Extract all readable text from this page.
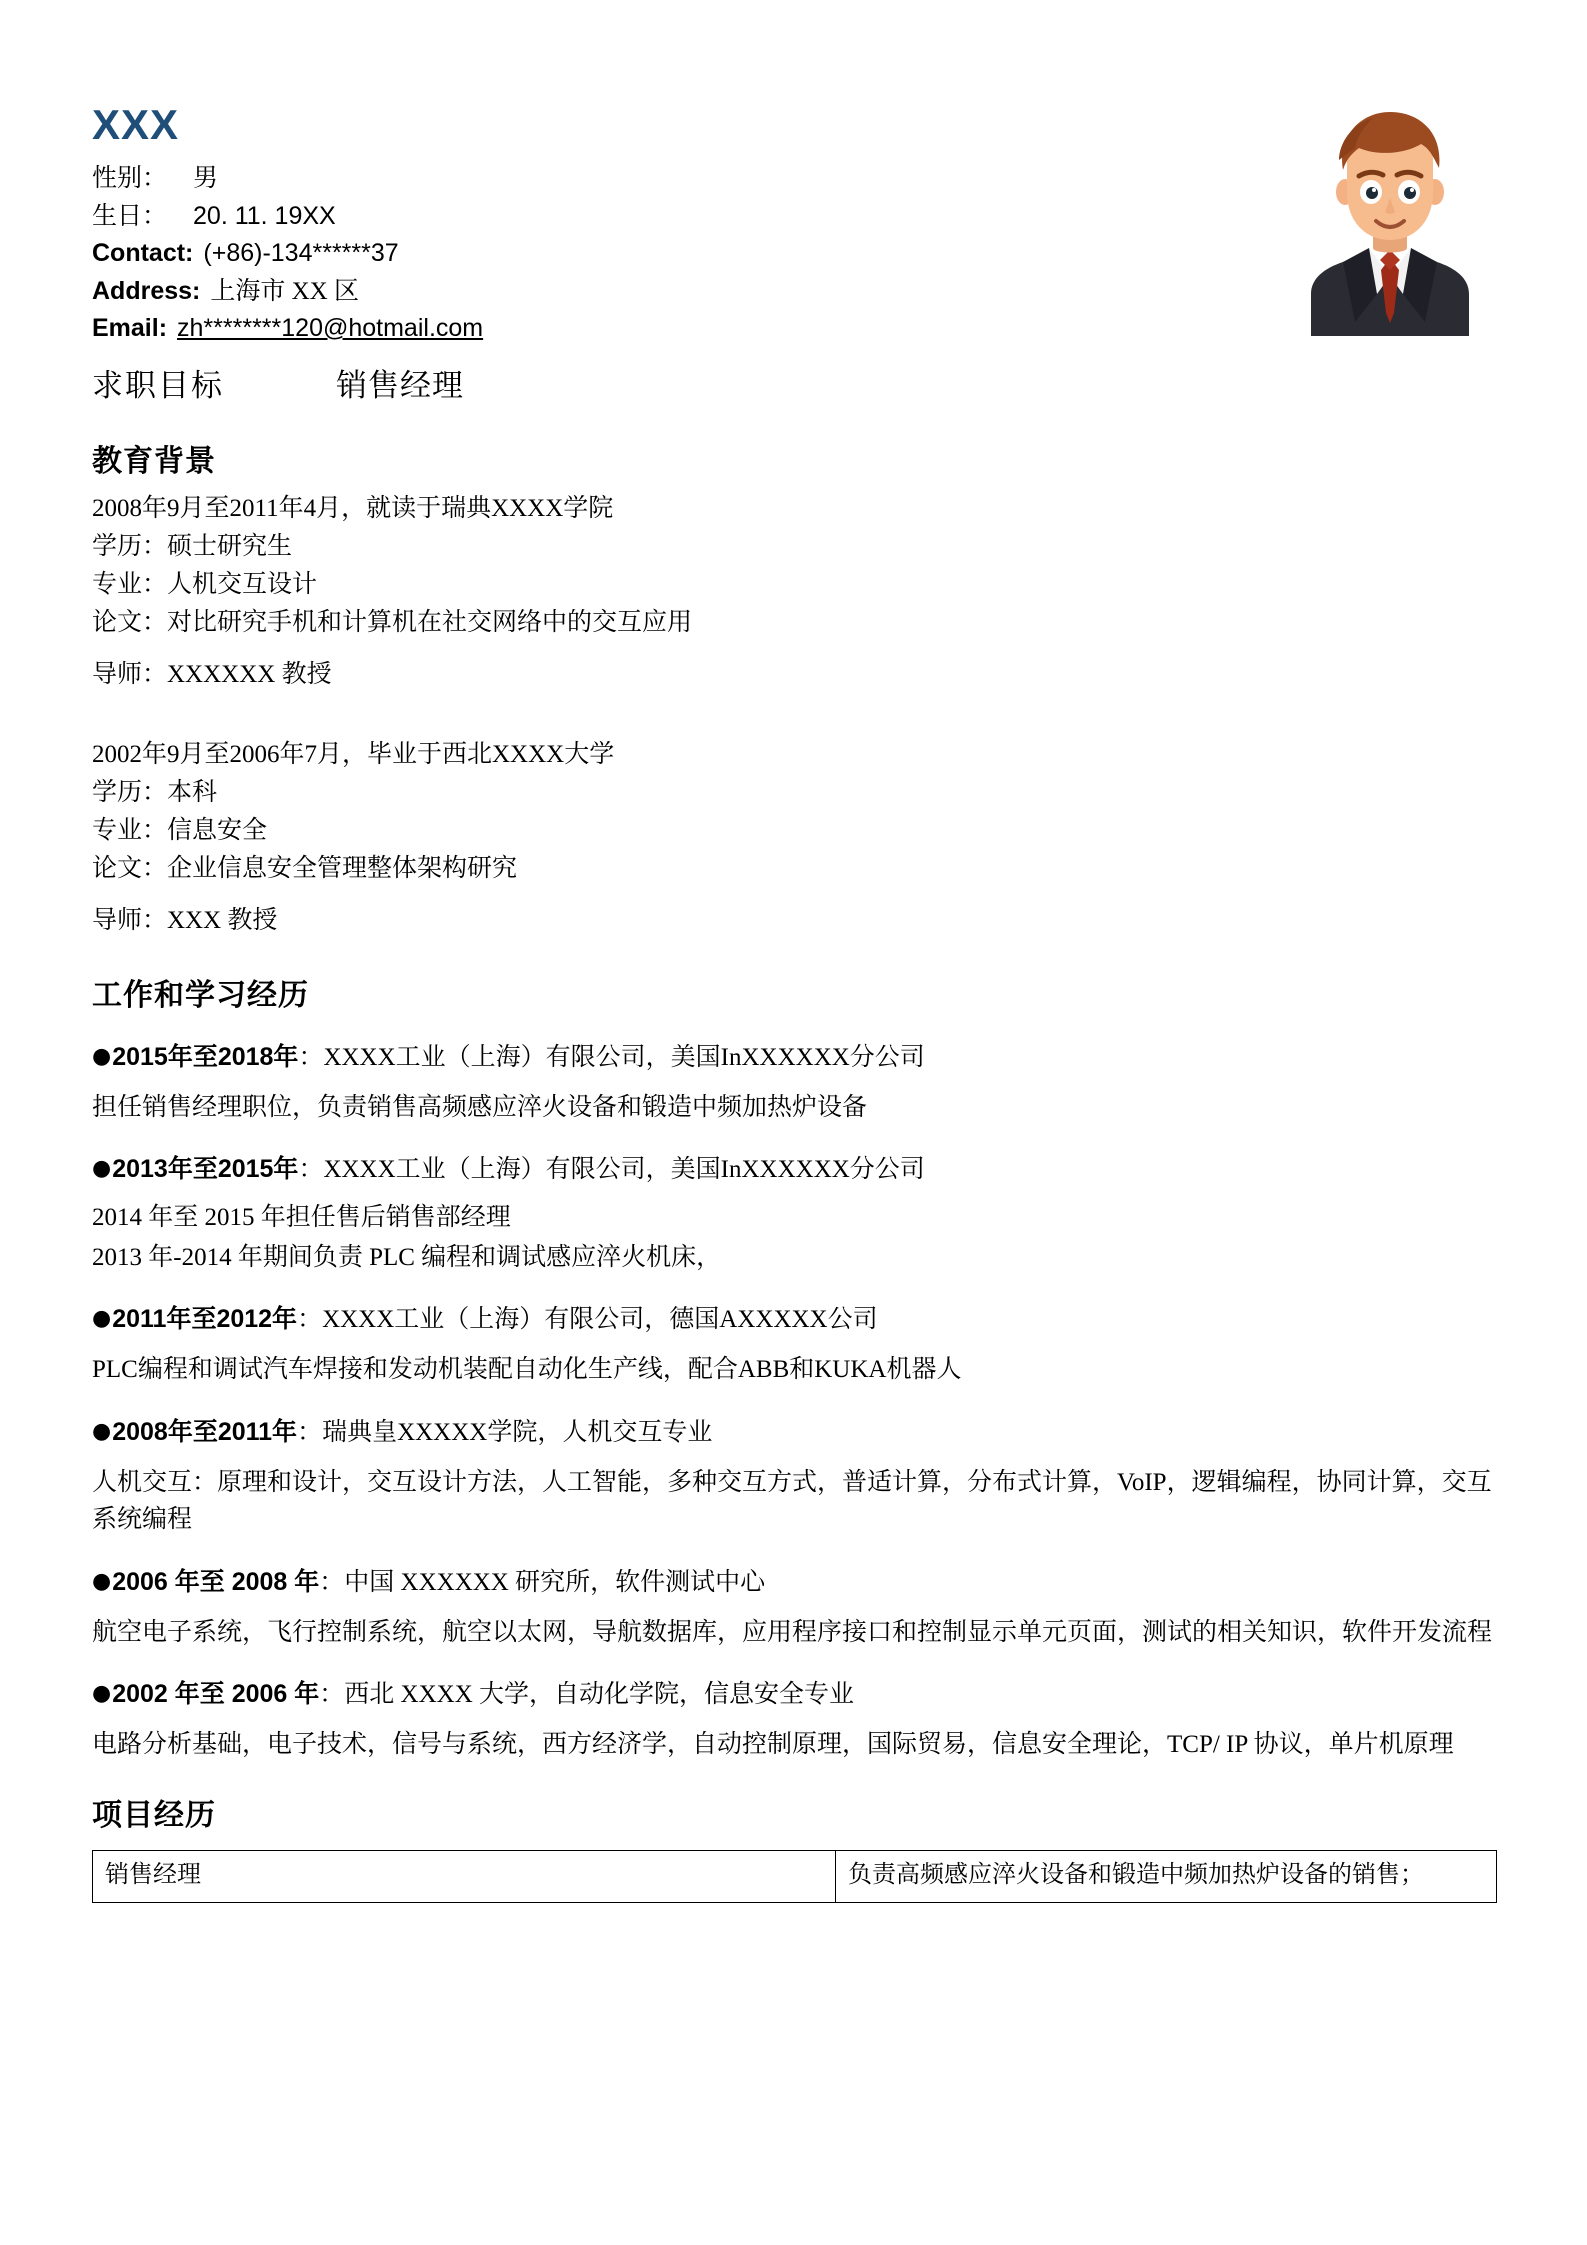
XXX
性别： 男
生日： 20. 11. 19XX
Contact: (+86)-134******37
Address: 上海市 XX 区
Email: zh********120@hotmail.com
求职目标	销售经理
教育背景
2008年9月至2011年4月，就读于瑞典XXXX学院
学历：硕士研究生
专业：人机交互设计
论文：对比研究手机和计算机在社交网络中的交互应用
导师：XXXXXX 教授
2002年9月至2006年7月，毕业于西北XXXX大学
学历：本科
专业：信息安全
论文：企业信息安全管理整体架构研究
导师：XXX 教授
工作和学习经历
●2015年至2018年：XXXX工业（上海）有限公司，美国InXXXXXX分公司
担任销售经理职位，负责销售高频感应淬火设备和锻造中频加热炉设备
●2013年至2015年：XXXX工业（上海）有限公司，美国InXXXXXX分公司
2014 年至 2015 年担任售后销售部经理
2013 年-2014 年期间负责 PLC 编程和调试感应淬火机床，
●2011年至2012年：XXXX工业（上海）有限公司，德国AXXXXX公司
PLC编程和调试汽车焊接和发动机装配自动化生产线，配合ABB和KUKA机器人
●2008年至2011年：瑞典皇XXXXX学院，人机交互专业
人机交互：原理和设计，交互设计方法，人工智能，多种交互方式，普适计算，分布式计算，VoIP，逻辑编程，协同计算，交互系统编程
●2006 年至 2008 年：中国 XXXXXX 研究所，软件测试中心
航空电子系统，飞行控制系统，航空以太网，导航数据库，应用程序接口和控制显示单元页面，测试的相关知识，软件开发流程
●2002 年至 2006 年：西北 XXXX 大学，自动化学院，信息安全专业
电路分析基础，电子技术，信号与系统，西方经济学，自动控制原理，国际贸易，信息安全理论，TCP/ IP 协议，单片机原理
项目经历
销售经理	负责高频感应淬火设备和锻造中频加热炉设备的销售；
